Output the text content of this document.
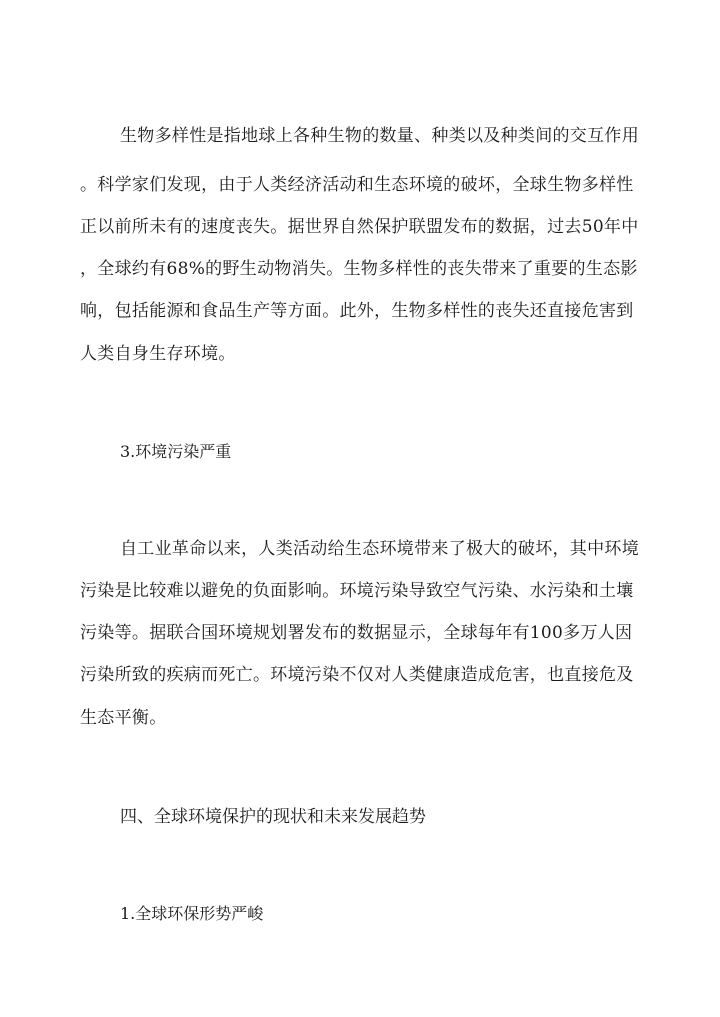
生物多样性是指地球上各种生物的数量、种类以及种类间的交互作用
。科学家们发现，由于人类经济活动和生态环境的破坏，全球生物多样性
正以前所未有的速度丧失。据世界自然保护联盟发布的数据，过去50年中
，全球约有68%的野生动物消失。生物多样性的丧失带来了重要的生态影
响，包括能源和食品生产等方面。此外，生物多样性的丧失还直接危害到
人类自身生存环境。
3.环境污染严重
自工业革命以来，人类活动给生态环境带来了极大的破坏，其中环境
污染是比较难以避免的负面影响。环境污染导致空气污染、水污染和土壤
污染等。据联合国环境规划署发布的数据显示，全球每年有100多万人因
污染所致的疾病而死亡。环境污染不仅对人类健康造成危害，也直接危及
生态平衡。
四、全球环境保护的现状和未来发展趋势
1.全球环保形势严峻
